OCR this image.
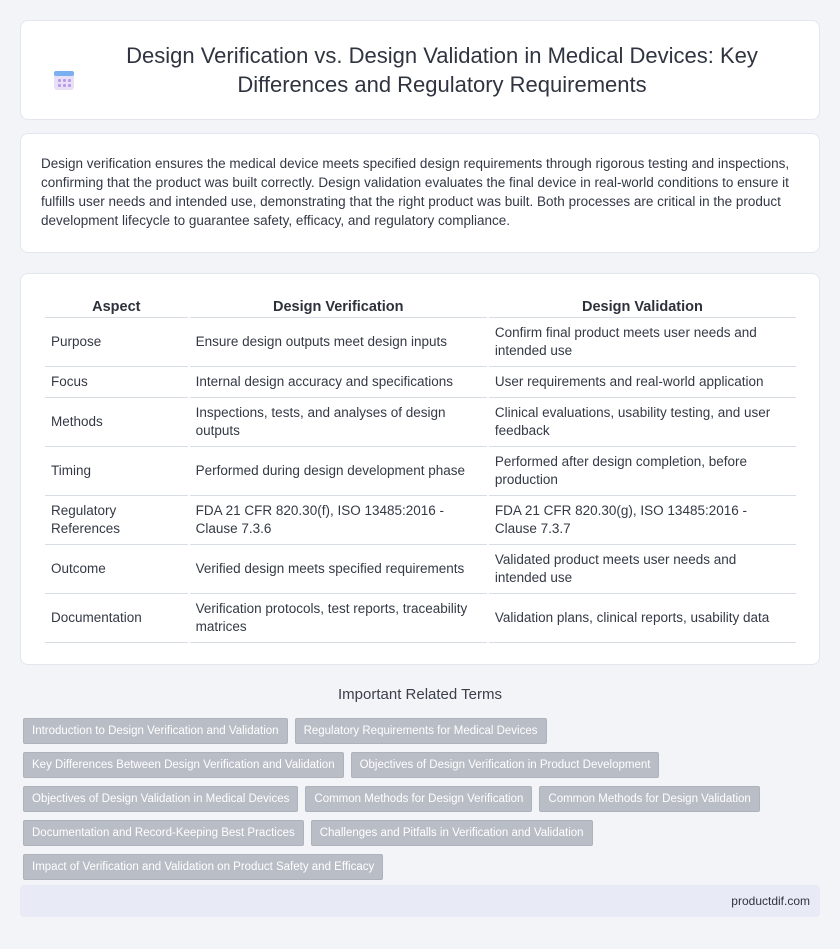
Design Verification vs. Design Validation in Medical Devices: Key Differences and Regulatory Requirements

Design verification ensures the medical device meets specified design requirements through rigorous testing and inspections, confirming that the product was built correctly. Design validation evaluates the final device in real-world conditions to ensure it fulfills user needs and intended use, demonstrating that the right product was built. Both processes are critical in the product development lifecycle to guarantee safety, efficacy, and regulatory compliance.

Aspect	Design Verification	Design Validation
Purpose	Ensure design outputs meet design inputs	Confirm final product meets user needs and intended use
Focus	Internal design accuracy and specifications	User requirements and real-world application
Methods	Inspections, tests, and analyses of design outputs	Clinical evaluations, usability testing, and user feedback
Timing	Performed during design development phase	Performed after design completion, before production
Regulatory References	FDA 21 CFR 820.30(f), ISO 13485:2016 - Clause 7.3.6	FDA 21 CFR 820.30(g), ISO 13485:2016 - Clause 7.3.7
Outcome	Verified design meets specified requirements	Validated product meets user needs and intended use
Documentation	Verification protocols, test reports, traceability matrices	Validation plans, clinical reports, usability data
Important Related Terms
Introduction to Design Verification and Validation	Regulatory Requirements for Medical Devices
Key Differences Between Design Verification and Validation	Objectives of Design Verification in Product Development
Objectives of Design Validation in Medical Devices	Common Methods for Design Verification	Common Methods for Design Validation
Documentation and Record-Keeping Best Practices	Challenges and Pitfalls in Verification and Validation
Impact of Verification and Validation on Product Safety and Efficacy
productdif.com
